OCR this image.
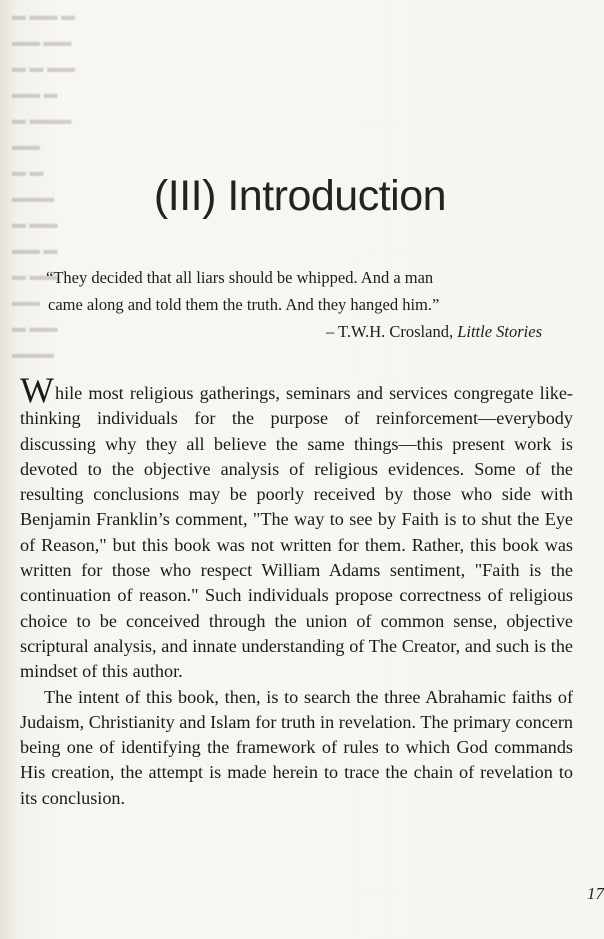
▬ ▬▬ ▬
▬▬ ▬▬
▬ ▬ ▬▬
▬▬ ▬
▬ ▬▬▬
▬▬
▬ ▬
▬▬▬
▬ ▬▬
▬▬ ▬
▬ ▬▬
▬▬
▬ ▬▬
▬▬▬
(III) Introduction
“They decided that all liars should be whipped. And a man
came along and told them the truth. And they hanged him.”
– T.W.H. Crosland, Little Stories

While most religious gatherings, seminars and services congregate like-thinking individuals for the purpose of reinforcement—everybody discussing why they all believe the same things—this present work is devoted to the objective analysis of religious evidences. Some of the resulting conclusions may be poorly received by those who side with Benjamin Franklin’s comment, "The way to see by Faith is to shut the Eye of Reason," but this book was not written for them. Rather, this book was written for those who respect William Adams sentiment, "Faith is the continuation of reason." Such individuals propose correctness of religious choice to be conceived through the union of common sense, objective scriptural analysis, and innate understanding of The Creator, and such is the mindset of this author.

The intent of this book, then, is to search the three Abrahamic faiths of Judaism, Christianity and Islam for truth in revelation. The primary concern being one of identifying the framework of rules to which God commands His creation, the attempt is made herein to trace the chain of revelation to its conclusion.

17
